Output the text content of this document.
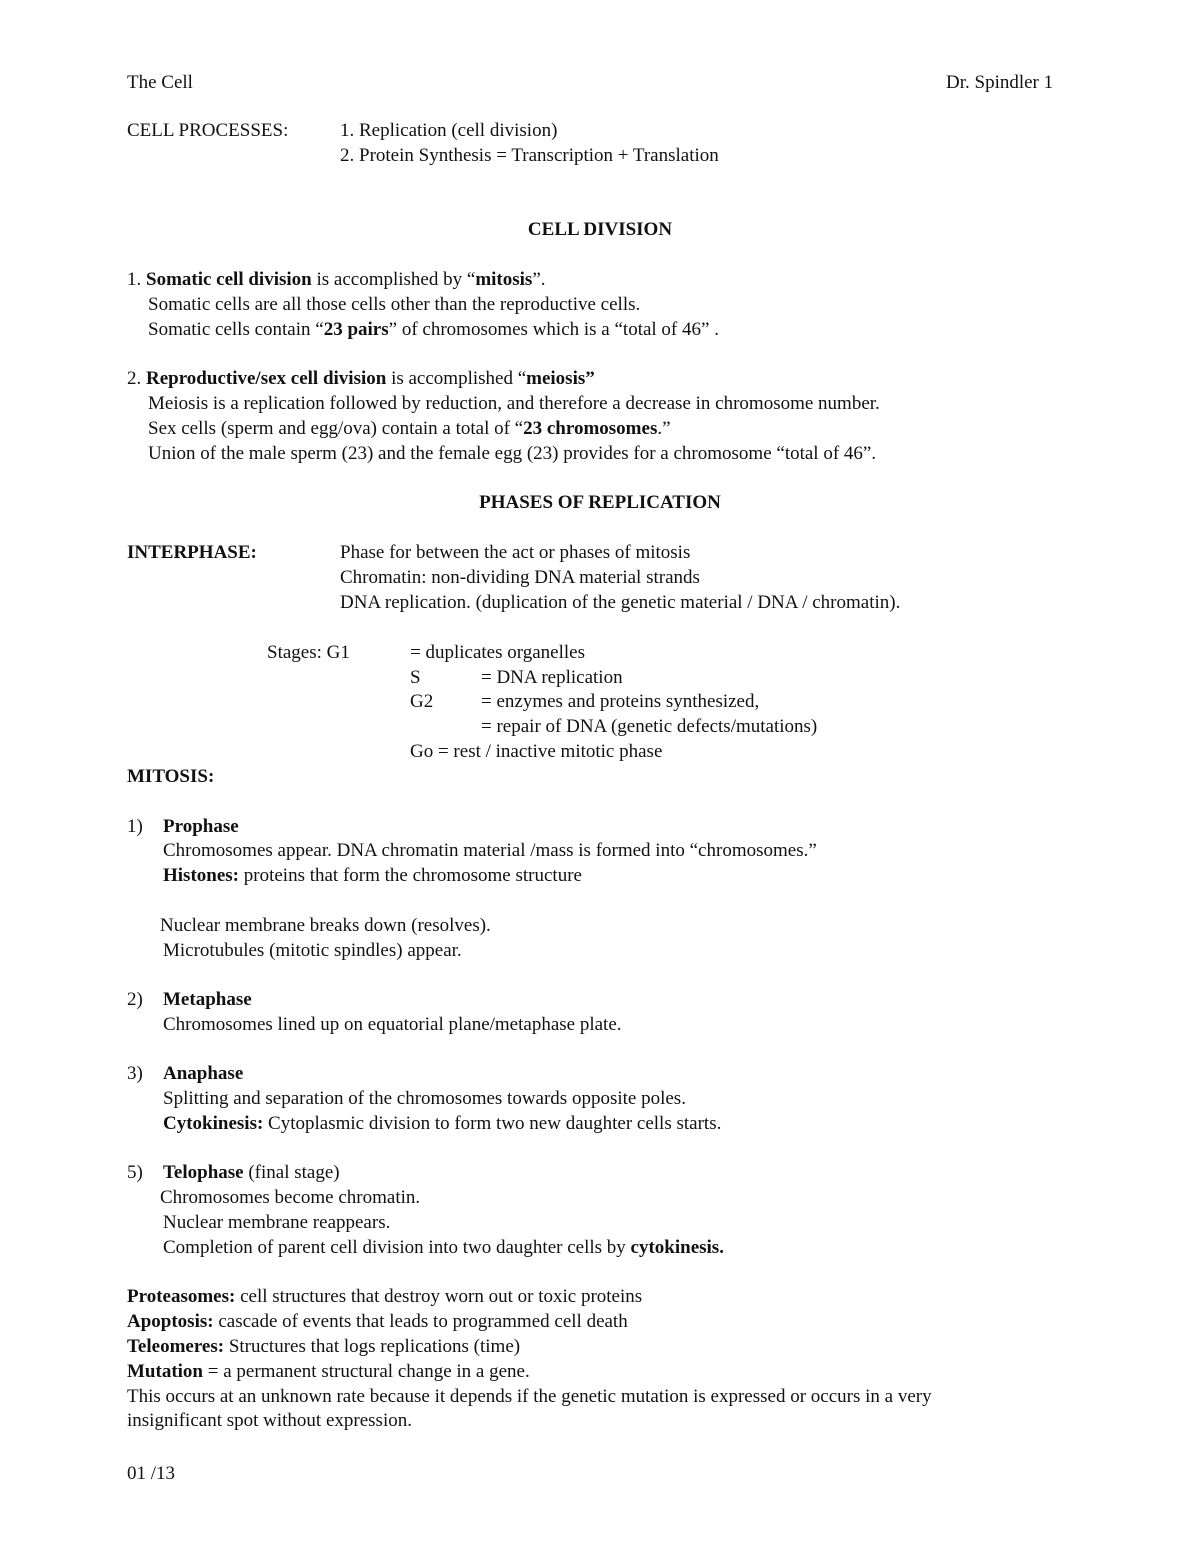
The Cell	Dr. Spindler 1
CELL PROCESSES:	1. Replication (cell division)
2. Protein Synthesis = Transcription + Translation
CELL DIVISION
1. Somatic cell division is accomplished by “mitosis”.
Somatic cells are all those cells other than the reproductive cells.
Somatic cells contain “23 pairs” of chromosomes which is a “total of 46” .
2. Reproductive/sex cell division is accomplished “meiosis”
Meiosis is a replication followed by reduction, and therefore a decrease in chromosome number.
Sex cells (sperm and egg/ova) contain a total of “23 chromosomes.”
Union of the male sperm (23) and the female egg (23) provides for a chromosome “total of 46”.
PHASES OF REPLICATION
INTERPHASE:	Phase for between the act or phases of mitosis
Chromatin: non-dividing DNA material strands
DNA replication. (duplication of the genetic material / DNA / chromatin).
Stages: G1	= duplicates organelles
S	= DNA replication
G2	= enzymes and proteins synthesized,
= repair of DNA (genetic defects/mutations)
Go = rest / inactive mitotic phase
MITOSIS:
1) Prophase
Chromosomes appear. DNA chromatin material /mass is formed into “chromosomes.”
Histones: proteins that form the chromosome structure
Nuclear membrane breaks down (resolves).
Microtubules (mitotic spindles) appear.
2) Metaphase
Chromosomes lined up on equatorial plane/metaphase plate.
3) Anaphase
Splitting and separation of the chromosomes towards opposite poles.
Cytokinesis: Cytoplasmic division to form two new daughter cells starts.
5) Telophase (final stage)
Chromosomes become chromatin.
Nuclear membrane reappears.
Completion of parent cell division into two daughter cells by cytokinesis.
Proteasomes: cell structures that destroy worn out or toxic proteins
Apoptosis: cascade of events that leads to programmed cell death
Teleomeres: Structures that logs replications (time)
Mutation = a permanent structural change in a gene.
This occurs at an unknown rate because it depends if the genetic mutation is expressed or occurs in a very
insignificant spot without expression.
01 /13
